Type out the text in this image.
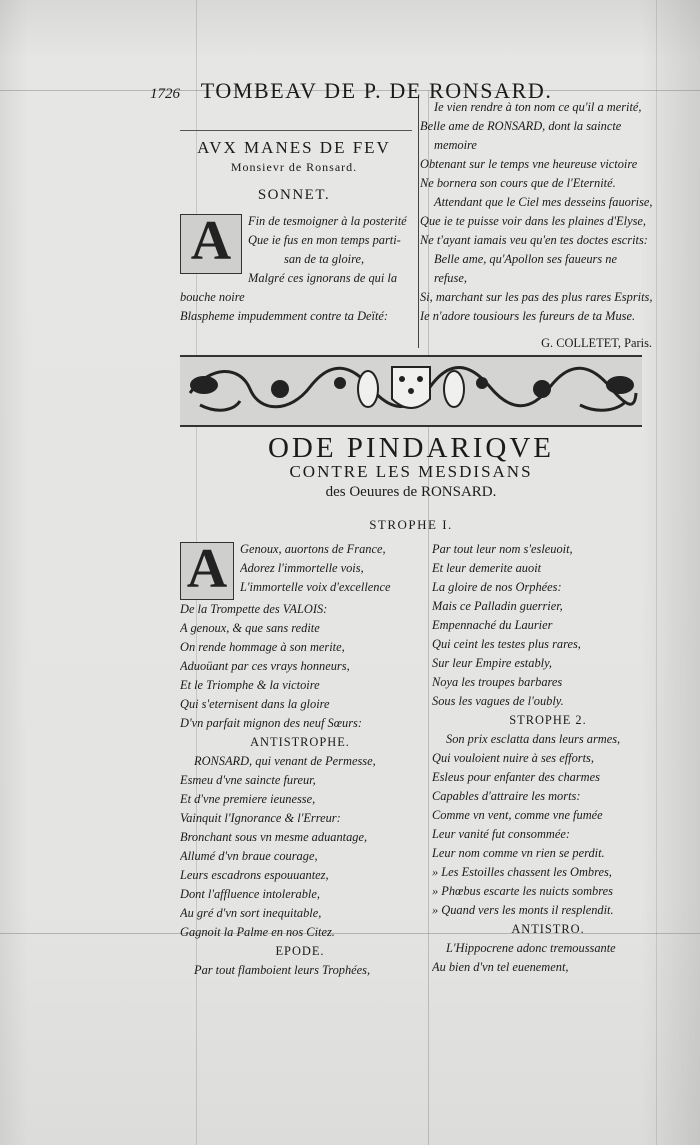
1726 TOMBEAV DE P. DE RONSARD.
AVX MANES DE FEV
Monsievr de Ronsard.
SONNET.
A	Fin de tesmoigner à la posterité
Que ie fus en mon temps parti-
san de ta gloire,
Malgré ces ignorans de qui la
bouche noire
Blaspheme impudemment contre ta Deïté:
Ie vien rendre à ton nom ce qu'il a merité,
Belle ame de RONSARD, dont la saincte
memoire
Obtenant sur le temps vne heureuse victoire
Ne bornera son cours que de l'Eternité.
Attendant que le Ciel mes desseins fauorise,
Que ie te puisse voir dans les plaines d'Elyse,
Ne t'ayant iamais veu qu'en tes doctes escrits:
Belle ame, qu'Apollon ses faueurs ne
refuse,
Si, marchant sur les pas des plus rares Esprits,
Ie n'adore tousiours les fureurs de ta Muse.
G. COLLETET, Paris.
ODE PINDARIQVE
CONTRE LES MESDISANS
des Oeuures de RONSARD.
STROPHE I.
A	Genoux, auortons de France,
Adorez l'immortelle vois,
L'immortelle voix d'excellence
De la Trompette des VALOIS:
A genoux, & que sans redite
On rende hommage à son merite,
Aduoüant par ces vrays honneurs,
Et le Triomphe & la victoire
Qui s'eternisent dans la gloire
D'vn parfait mignon des neuf Sœurs:
ANTISTROPHE.
RONSARD, qui venant de Permesse,
Esmeu d'vne saincte fureur,
Et d'vne premiere ieunesse,
Vainquit l'Ignorance & l'Erreur:
Bronchant sous vn mesme aduantage,
Allumé d'vn braue courage,
Leurs escadrons espouuantez,
Dont l'affluence intolerable,
Au gré d'vn sort inequitable,
Gagnoit la Palme en nos Citez.
EPODE.
Par tout flamboient leurs Trophées,
Par tout leur nom s'esleuoit,
Et leur demerite auoit
La gloire de nos Orphées:
Mais ce Palladin guerrier,
Empennaché du Laurier
Qui ceint les testes plus rares,
Sur leur Empire estably,
Noya les troupes barbares
Sous les vagues de l'oubly.
STROPHE 2.
Son prix esclatta dans leurs armes,
Qui vouloient nuire à ses efforts,
Esleus pour enfanter des charmes
Capables d'attraire les morts:
Comme vn vent, comme vne fumée
Leur vanité fut consommée:
Leur nom comme vn rien se perdit.
» Les Estoilles chassent les Ombres,
» Phœbus escarte les nuicts sombres
» Quand vers les monts il resplendit.
ANTISTRO.
L'Hippocrene adonc tremoussante
Au bien d'vn tel euenement,
